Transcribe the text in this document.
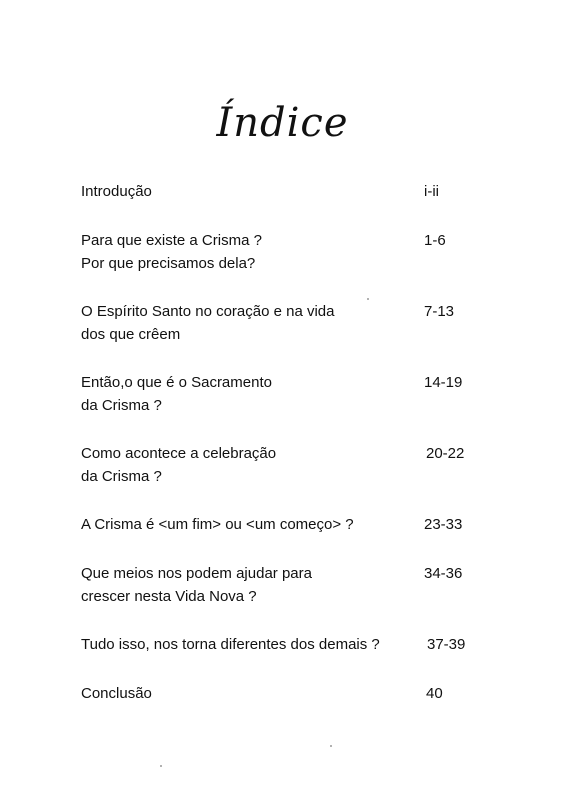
Índice
Introdução	i-ii
Para que existe a Crisma ?
Por que precisamos dela?
1-6
O Espírito Santo no coração e na vida
dos que crêem
7-13
Então,o que é o Sacramento
da Crisma ?
14-19
Como acontece a celebração
da Crisma ?
20-22
A Crisma é <um fim> ou <um começo> ?	23-33
Que meios nos podem ajudar para
crescer nesta Vida Nova ?
34-36
Tudo isso, nos torna diferentes dos demais ?	37-39
Conclusão	40
